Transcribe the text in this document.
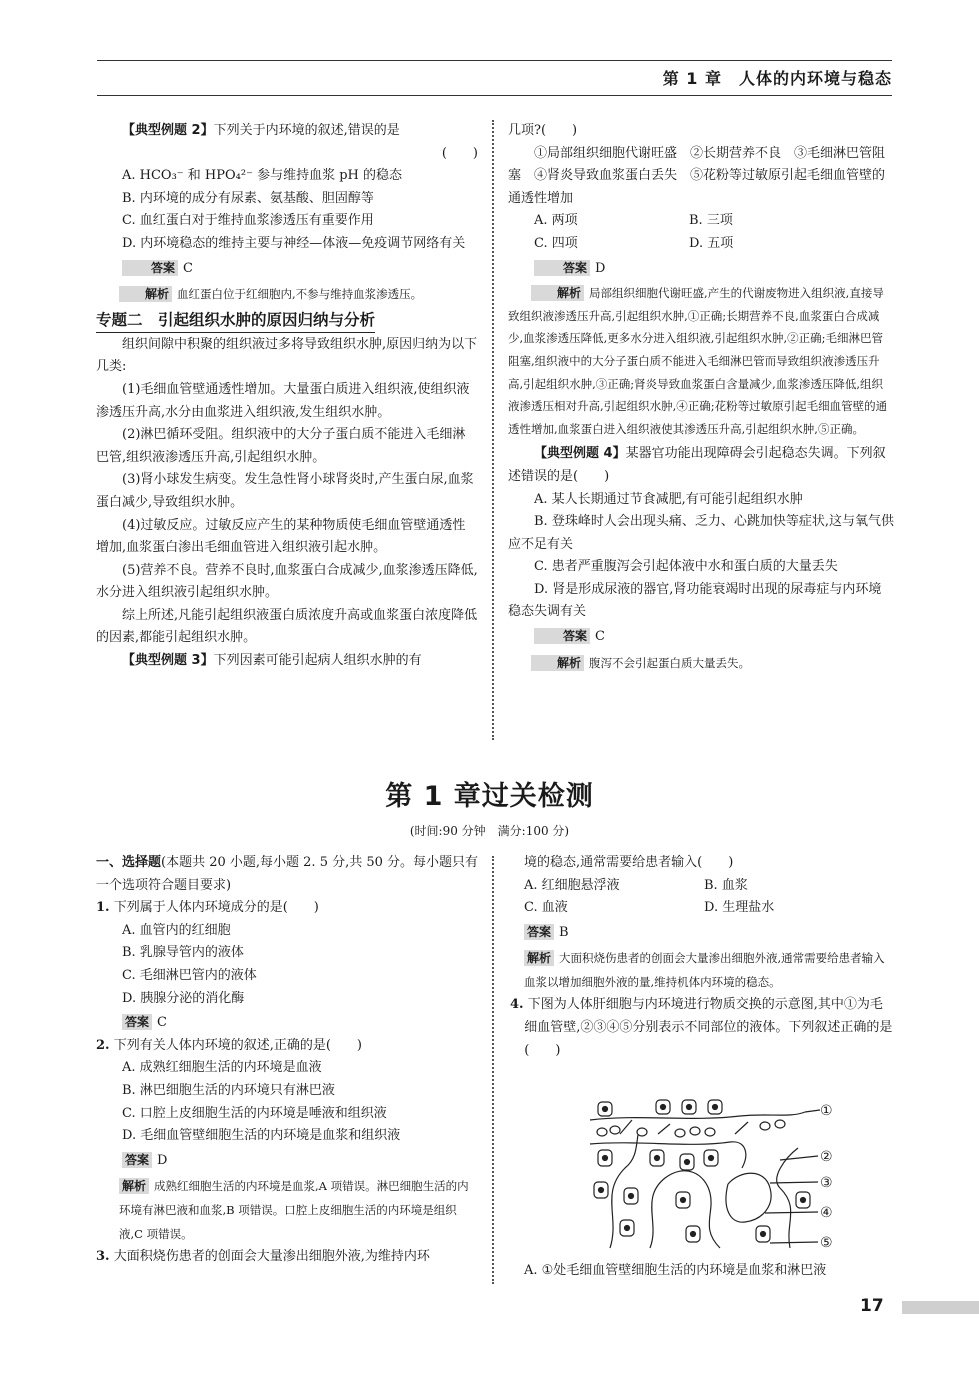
第 1 章　人体的内环境与稳态

【典型例题 2】下列关于内环境的叙述,错误的是

(　　)

A. HCO₃⁻ 和 HPO₄²⁻ 参与维持血浆 pH 的稳态

B. 内环境的成分有尿素、氨基酸、胆固醇等

C. 血红蛋白对于维持血浆渗透压有重要作用

D. 内环境稳态的维持主要与神经—体液—免疫调节网络有关

答案 C

解析 血红蛋白位于红细胞内,不参与维持血浆渗透压。

专题二　引起组织水肿的原因归纳与分析

组织间隙中积聚的组织液过多将导致组织水肿,原因归纳为以下几类:

(1)毛细血管壁通透性增加。大量蛋白质进入组织液,使组织液渗透压升高,水分由血浆进入组织液,发生组织水肿。

(2)淋巴循环受阻。组织液中的大分子蛋白质不能进入毛细淋巴管,组织液渗透压升高,引起组织水肿。

(3)肾小球发生病变。发生急性肾小球肾炎时,产生蛋白尿,血浆蛋白减少,导致组织水肿。

(4)过敏反应。过敏反应产生的某种物质使毛细血管壁通透性增加,血浆蛋白渗出毛细血管进入组织液引起水肿。

(5)营养不良。营养不良时,血浆蛋白合成减少,血浆渗透压降低,水分进入组织液引起组织水肿。

综上所述,凡能引起组织液蛋白质浓度升高或血浆蛋白浓度降低的因素,都能引起组织水肿。

【典型例题 3】下列因素可能引起病人组织水肿的有

几项?(　　)

①局部组织细胞代谢旺盛　②长期营养不良　③毛细淋巴管阻塞　④肾炎导致血浆蛋白丢失　⑤花粉等过敏原引起毛细血管壁的通透性增加

A. 两项	B. 三项
C. 四项	D. 五项

答案 D

解析 局部组织细胞代谢旺盛,产生的代谢废物进入组织液,直接导致组织液渗透压升高,引起组织水肿,①正确;长期营养不良,血浆蛋白合成减少,血浆渗透压降低,更多水分进入组织液,引起组织水肿,②正确;毛细淋巴管阻塞,组织液中的大分子蛋白质不能进入毛细淋巴管而导致组织液渗透压升高,引起组织水肿,③正确;肾炎导致血浆蛋白含量减少,血浆渗透压降低,组织液渗透压相对升高,引起组织水肿,④正确;花粉等过敏原引起毛细血管壁的通透性增加,血浆蛋白进入组织液使其渗透压升高,引起组织水肿,⑤正确。

【典型例题 4】某器官功能出现障碍会引起稳态失调。下列叙述错误的是(　　)

A. 某人长期通过节食减肥,有可能引起组织水肿

B. 登珠峰时人会出现头痛、乏力、心跳加快等症状,这与氧气供应不足有关

C. 患者严重腹泻会引起体液中水和蛋白质的大量丢失

D. 肾是形成尿液的器官,肾功能衰竭时出现的尿毒症与内环境稳态失调有关

答案 C

解析 腹泻不会引起蛋白质大量丢失。

第 1 章过关检测
(时间:90 分钟　满分:100 分)

一、选择题(本题共 20 小题,每小题 2. 5 分,共 50 分。每小题只有一个选项符合题目要求)

1. 下列属于人体内环境成分的是(　　)

A. 血管内的红细胞

B. 乳腺导管内的液体

C. 毛细淋巴管内的液体

D. 胰腺分泌的消化酶

答案 C

2. 下列有关人体内环境的叙述,正确的是(　　)

A. 成熟红细胞生活的内环境是血液

B. 淋巴细胞生活的内环境只有淋巴液

C. 口腔上皮细胞生活的内环境是唾液和组织液

D. 毛细血管壁细胞生活的内环境是血浆和组织液

答案 D

解析 成熟红细胞生活的内环境是血浆,A 项错误。淋巴细胞生活的内环境有淋巴液和血浆,B 项错误。口腔上皮细胞生活的内环境是组织液,C 项错误。

3. 大面积烧伤患者的创面会大量渗出细胞外液,为维持内环

境的稳态,通常需要给患者输入(　　)

A. 红细胞悬浮液	B. 血浆
C. 血液	D. 生理盐水

答案 B

解析 大面积烧伤患者的创面会大量渗出细胞外液,通常需要给患者输入血浆以增加细胞外液的量,维持机体内环境的稳态。

4. 下图为人体肝细胞与内环境进行物质交换的示意图,其中①为毛细血管壁,②③④⑤分别表示不同部位的液体。下列叙述正确的是(　　)

①
②
③
④
⑤

A. ①处毛细血管壁细胞生活的内环境是血浆和淋巴液

17
